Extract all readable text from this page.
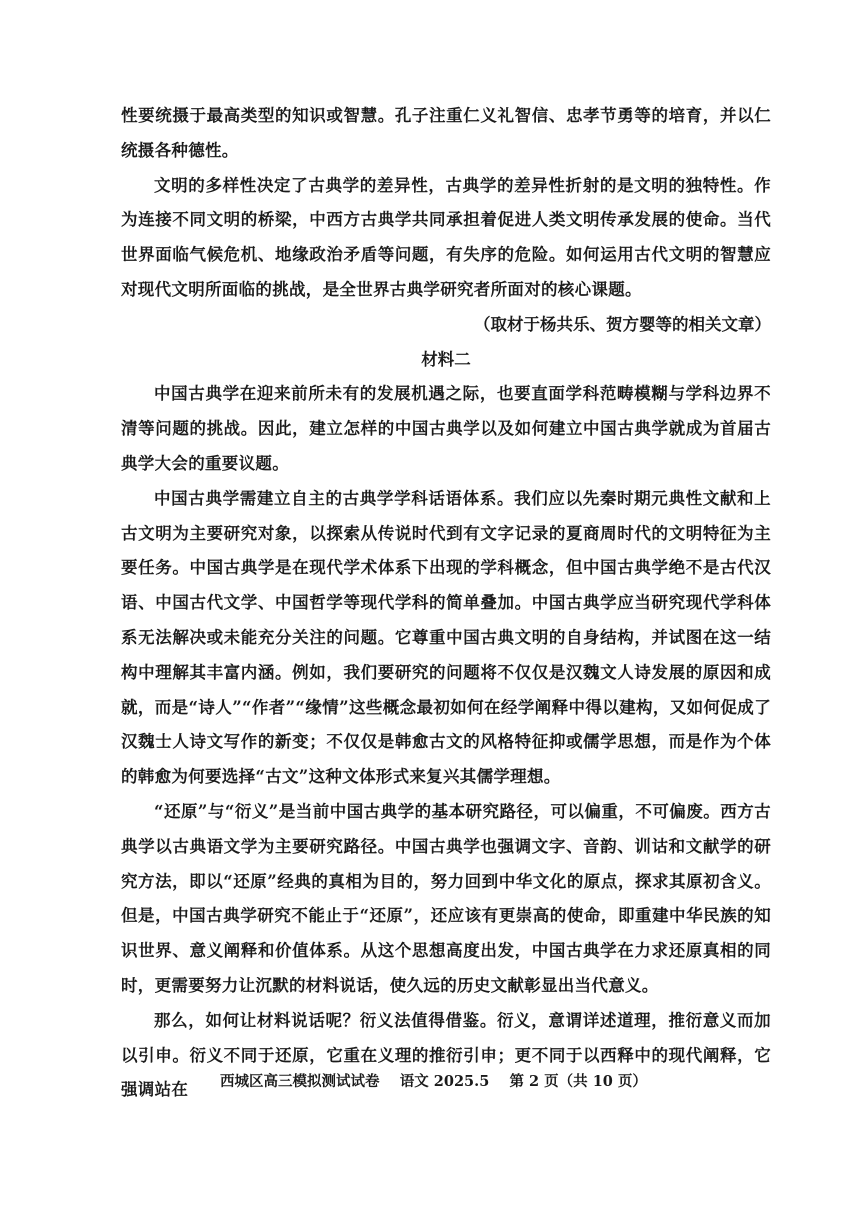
性要统摄于最高类型的知识或智慧。孔子注重仁义礼智信、忠孝节勇等的培育，并以仁统摄各种德性。

文明的多样性决定了古典学的差异性，古典学的差异性折射的是文明的独特性。作为连接不同文明的桥梁，中西方古典学共同承担着促进人类文明传承发展的使命。当代世界面临气候危机、地缘政治矛盾等问题，有失序的危险。如何运用古代文明的智慧应对现代文明所面临的挑战，是全世界古典学研究者所面对的核心课题。

（取材于杨共乐、贺方婴等的相关文章）

材料二

中国古典学在迎来前所未有的发展机遇之际，也要直面学科范畴模糊与学科边界不清等问题的挑战。因此，建立怎样的中国古典学以及如何建立中国古典学就成为首届古典学大会的重要议题。

中国古典学需建立自主的古典学学科话语体系。我们应以先秦时期元典性文献和上古文明为主要研究对象，以探索从传说时代到有文字记录的夏商周时代的文明特征为主要任务。中国古典学是在现代学术体系下出现的学科概念，但中国古典学绝不是古代汉语、中国古代文学、中国哲学等现代学科的简单叠加。中国古典学应当研究现代学科体系无法解决或未能充分关注的问题。它尊重中国古典文明的自身结构，并试图在这一结构中理解其丰富内涵。例如，我们要研究的问题将不仅仅是汉魏文人诗发展的原因和成就，而是“诗人”“作者”“缘情”这些概念最初如何在经学阐释中得以建构，又如何促成了汉魏士人诗文写作的新变；不仅仅是韩愈古文的风格特征抑或儒学思想，而是作为个体的韩愈为何要选择“古文”这种文体形式来复兴其儒学理想。

“还原”与“衍义”是当前中国古典学的基本研究路径，可以偏重，不可偏废。西方古典学以古典语文学为主要研究路径。中国古典学也强调文字、音韵、训诂和文献学的研究方法，即以“还原”经典的真相为目的，努力回到中华文化的原点，探求其原初含义。但是，中国古典学研究不能止于“还原”，还应该有更崇高的使命，即重建中华民族的知识世界、意义阐释和价值体系。从这个思想高度出发，中国古典学在力求还原真相的同时，更需要努力让沉默的材料说话，使久远的历史文献彰显出当代意义。

那么，如何让材料说话呢？衍义法值得借鉴。衍义，意谓详述道理，推衍意义而加以引申。衍义不同于还原，它重在义理的推衍引申；更不同于以西释中的现代阐释，它强调站在	西城区高三模拟测试试卷    语文 2025.5    第 2 页（共 10 页）
